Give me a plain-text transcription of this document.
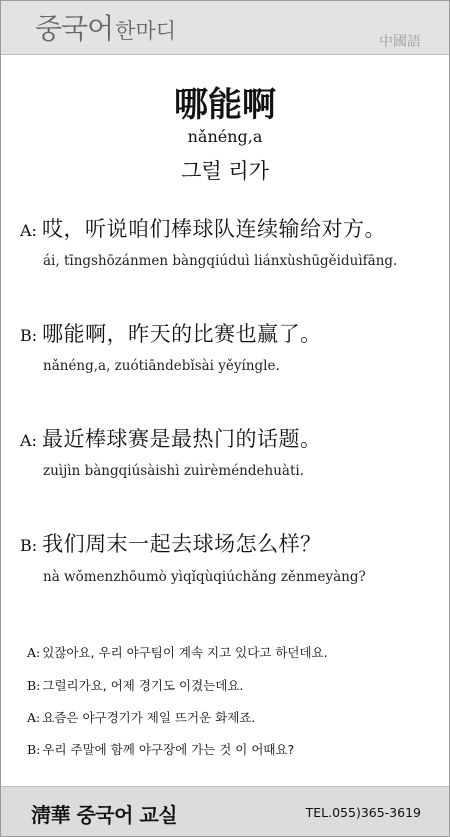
중국어한마디	中國語
哪能啊
nǎnéng,a
그럴 리가
A: 哎，听说咱们棒球队连续输给对方。
ái, tīngshōzánmen bàngqiúduì liánxùshūgěiduìfāng.
B: 哪能啊，昨天的比赛也赢了。
nǎnéng,a, zuótiāndebǐsài yěyíngle.
A: 最近棒球赛是最热门的话题。
zuìjìn bàngqiúsàishì zuìrèméndehuàti.
B: 我们周末一起去球场怎么样？
nà wǒmenzhōumò yìqǐqùqiúchǎng zěnmeyàng?
A: 있잖아요, 우리 야구팀이 계속 지고 있다고 하던데요.
B: 그럴리가요, 어제 경기도 이겼는데요.
A: 요즘은 야구경기가 제일 뜨거운 화제죠.
B: 우리 주말에 함께 야구장에 가는 것 이 어때요?
淸華 중국어 교실	TEL.055)365-3619
